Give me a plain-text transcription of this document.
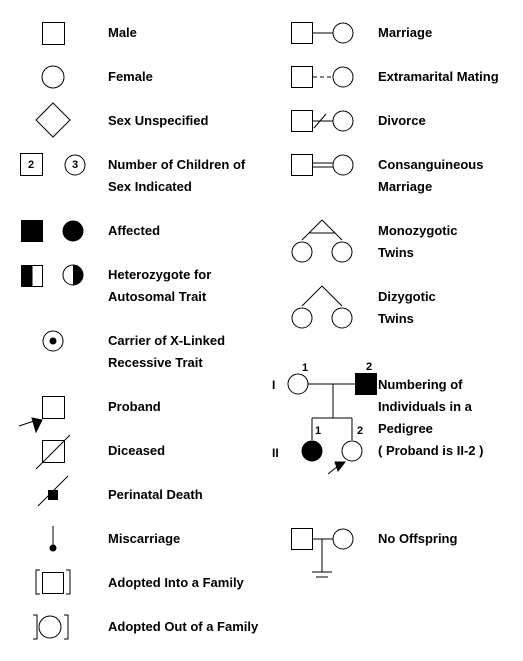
2	3
I
II
1	2
1	2
Male
Female
Sex Unspecified
Number of Children of
Sex Indicated
Affected
Heterozygote for
Autosomal Trait
Carrier of X-Linked
Recessive Trait
Proband
Diceased
Perinatal Death
Miscarriage
Adopted Into a Family
Adopted Out of a Family
Marriage
Extramarital Mating
Divorce
Consanguineous
Marriage
Monozygotic
Twins
Dizygotic
Twins
Numbering of
Individuals in a
Pedigree
( Proband is II-2 )
No Offspring
